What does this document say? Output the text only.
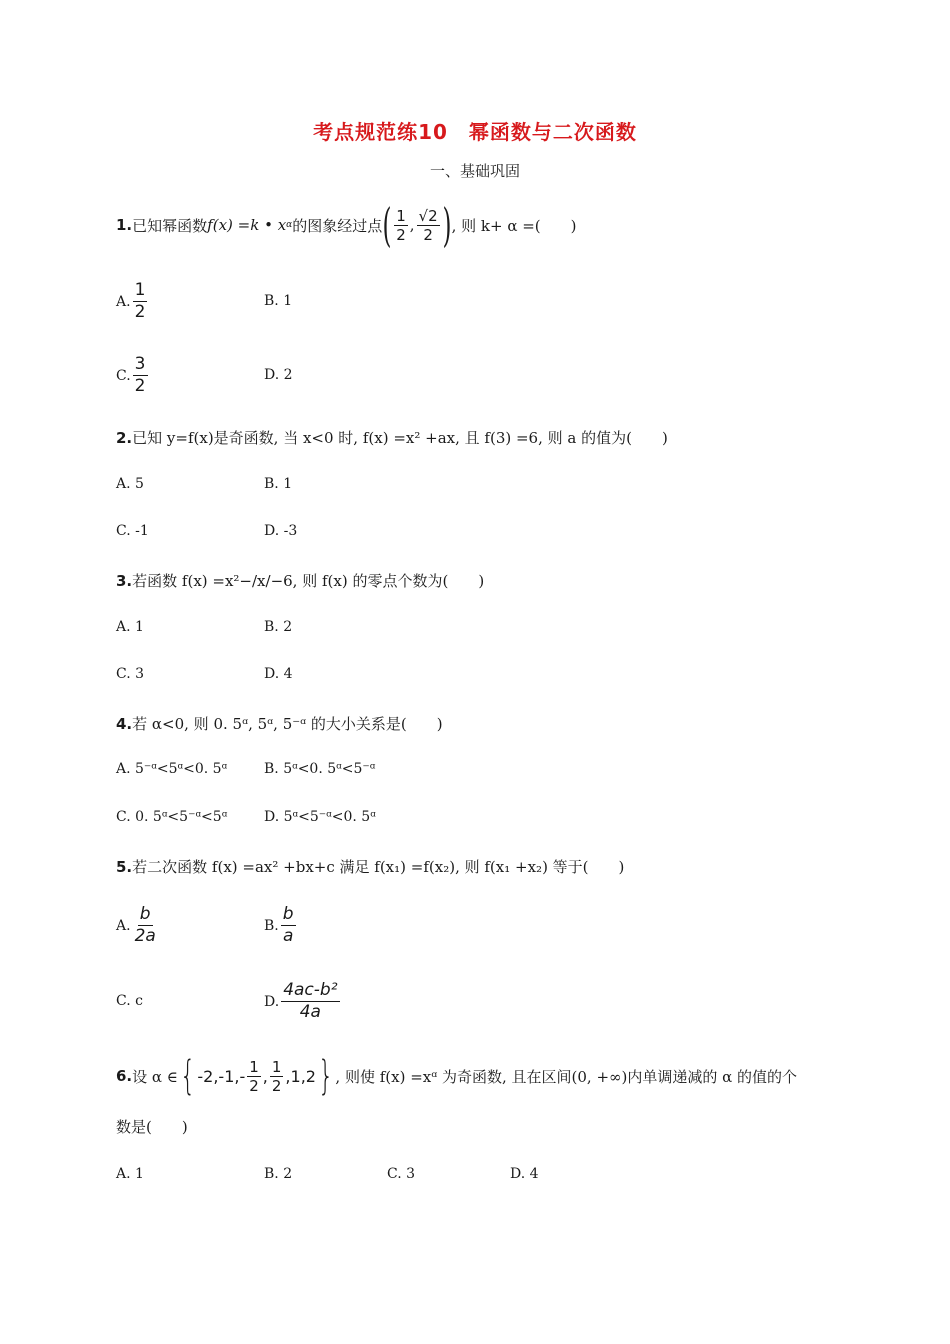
考点规范练10　幂函数与二次函数
一、基础巩固
1. 已知幂函数 f (x) =k • x α 的图象经过点 ( $\frac{1}{2}$ , $\frac{√2}{2}$ ) , 则 k+ α =(　　)
A. $\frac{1}{2}$	B. 1
C. $\frac{3}{2}$	D. 2
2. 已知 y=f(x)是奇函数, 当 x<0 时, f(x) =x² +ax, 且 f(3) =6, 则 a 的值为(　　)
A. 5	B. 1
C. -1	D. -3
3. 若函数 f(x) =x²−/x/−6, 则 f(x) 的零点个数为(　　)
A. 1	B. 2
C. 3	D. 4
4. 若 α<0, 则 0. 5ᵅ, 5ᵅ, 5⁻ᵅ 的大小关系是(　　)
A. 5⁻ᵅ<5ᵅ<0. 5ᵅ	B. 5ᵅ<0. 5ᵅ<5⁻ᵅ
C. 0. 5ᵅ<5⁻ᵅ<5ᵅ	D. 5ᵅ<5⁻ᵅ<0. 5ᵅ
5. 若二次函数 f(x) =ax² +bx+c 满足 f(x₁) =f(x₂), 则 f(x₁ +x₂) 等于(　　)
A. $\frac{b}{2a}$	B. $\frac{b}{a}$
C. c	D. $\frac{\text{4ac-b²}}{4a}$
6. 设 α ∈ { $-2,-1,- \frac{1}{2}$ , $\frac{1}{2} ,1,2$ } , 则使 f(x) =xᵅ 为奇函数, 且在区间(0, +∞)内单调递减的 α 的值的个
数是(　　)
A. 1	B. 2	C. 3	D. 4
